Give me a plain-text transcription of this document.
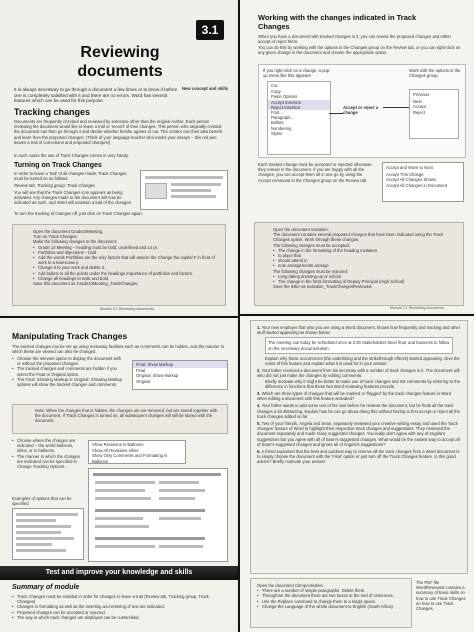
3.1
Reviewing
documents
It is always necessary to go through a document a few times or to know if before one is completely satisfied with it and there are no errors. Word has several features which can be used for this purpose.
New concept and skills
Tracking changes
Documents are frequently checked and reviewed by someone other than the original Author. Each person reviewing the document would like to leave a trail or 'record' of their changes. This person who originally created the document can then go through it and decide whether he/she agrees or not. The creator can then also benefit and learn from the proposed changes. (Think of your language teacher who marks your essays – this red pen leaves a trail of corrections and proposed changes!)
In such cases the use of Track Changes comes in very handy.
Turning on Track Changes
In order to leave a 'trail' of all changes made, Track Changes must be turned on as follows:
Review tab, Tracking group: Track Changes
You will see that the Track Changes icon appears as being activated. Any changes made to the document will now be indicated as such, and Word will maintain a trail of the changes.
To turn the tracking of changes off, just click on Track Changes again.
Open the document Grade10Meeting.
Turn on Track Changes.
Make the following changes to the document:
• Grade 10 Meeting – heading must be bold; underlined and 14 pt.
• Portfolios and objections – bold
• Add the words Portfolios are the only factors that will assess the Change the capital F in front of work to a lowercase p
• Change it to your work and delete it.
• Add bullets to all the points under the headings Importance of portfolios and factors.
• Change all headings to Italic and bold.
Save this document as Grade10Meeting_TrackChanges.
Module 3.1 Reviewing documents
Working with the changes indicated in Track
Changes
When you have a document with tracked changes in it, you can review the proposed changes and either accept or reject them.
You can do this by working with the options in the Changes group on the Review tab, or you can right-click on any given change in the document and choose the appropriate option.
If you right-click on a change, a pop-up menu like this appears
Work with the options in the Changes group
Cut
Copy
Paste Options
Accept Insertion
Reject Insertion
Font...
Paragraph...
Bullets
Numbering
Styles
Accept or reject a change
Previous
Next
Accept
Reject
Each tracked change must be accepted or rejected otherwise they remain in the document. If you are happy with all the changes, you can accept them all in one go by using the Accept command in the Changes group on the Review tab.
Accept and Move to Next
Accept This Change
Accept All Changes Shown
Accept All Changes in Document
Open the document Invitation.
The document contains several proposed changes that have been indicated using the Track Changes option. Work through these changes.
The following changes must be accepted:
• The change in the formatting of the heading Invitation
• to place that
• should attend in
• note arrangements arrange
The following changes must be rejected:
• Long dating dressing-up or school
• The change in the fonts formatting of Deputy Principal (High School)
Save the letter as Invitation_TrackChangesReviewed.
Module 3.1 Reviewing documents
Manipulating Track Changes
The tracked changes can be set up using reviewing facilities such as Comments can be hidden, and the manner in which these are viewed can also be changed.
• Choose the relevant option to display the document with or without the proposed changes.
• The tracked changes and comments are hidden if you select the Final or Original option.
• The Final: Showing Markup or Original: Showing Markup options will show the tracked changes and comments.
Final: Show Markup
Final
Original: Show Markup
Original
Note: When the changes that is hidden, the changes are not removed, but are stored together with the document. If Track Changes is turned on, all subsequent changes will still be stored with the document.
• Choose where the changes are indicated – the world balloons, inline, or in balloons.
• The manner in which the changes are indicated can be specified in Change Tracking Options...
Show Revisions in Balloons
Show All Revisions Inline
Show Only Comments and Formatting in Balloons
Examples of options that can be specified
Test and improve your knowledge and skills
Summary of module
• Track Changes must be enabled in order for changes to leave a trail (Review tab, Tracking group, Track Changes).
• Changes in formatting as well as the inserting and entering of text are indicated.
• Proposed changes can be accepted or rejected.
• The way in which track changes are displayed can be customised.
1. Your new employer that who you are using a Word document, knows how frequently and tracking and other stuff started appearing as shown below:
The meeting can today be scheduled once at 2:30 Stakeholders been final, and business to follow on the necessary documentation.
Explain why these occurrences (the underlining and the strikethrough effects) started appearing. Give the name of this feature and explain what it is used for in your answer.
2. Your father received a document from his secretary with a number of track changes in it. The document will who did not just make the changes by editing comments.
Briefly motivate why it might be better to make use of track changes and not comments by referring to the difference in functions that these two Word reviewing features provide.
3. Which are three types of changes that will be marked or 'flagged' by the track changes feature in Word when editing a document with this feature activated?
4. Your father wants to add some text of his own before he reviews the document, but he finds all the track changes a bit distracting. Explain how he can go about doing this without having to first accept or reject all the track changes added so far.
5. Two of your friends, Angela and Sean, separately reviewed your creative writing essay and used the 'track changes' feature of Word to highlight their respective track changes and suggestions. They reviewed the document separately and made many suggested changes. You really don't agree with any of Angela's suggestions but you agree with all of Sean's suggested changes. What would be the easiest way to accept all of Sean's suggested changes and ignore all of Angela's suggestions?
6. A friend explained that the best and quickest way to remove all the track changes from a Word document is to simply choose the document with the 'Final' option or just turn off the Track Changes feature. Is this good advice? Briefly motivate your answer.
Open the document CbmpActivities.
• There are a number of simple paragraphs. Delete them.
• Throughout the document there are two boxes at the end of sentences.
• Use the Replace command to change them to a single space.
• Change the Language of the whole document to English (South Africa).
The PDF file WordReviewed contains a summary of basic skills on how to use Track Changes on how to use Track Changes.
